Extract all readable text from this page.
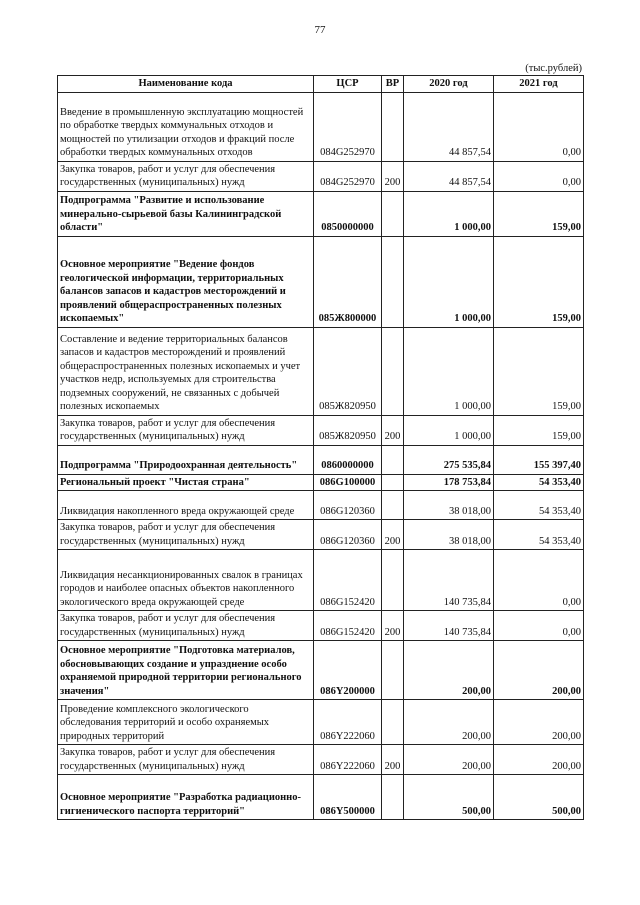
77
(тыс.рублей)
Наименование кода	ЦСР	ВР	2020 год	2021 год
Введение в промышленную эксплуатацию мощностей по обработке твердых коммунальных отходов и мощностей по утилизации отходов и фракций после обработки твердых коммунальных отходов	084G252970		44 857,54	0,00
Закупка товаров, работ и услуг для обеспечения государственных (муниципальных) нужд	084G252970	200	44 857,54	0,00
Подпрограмма "Развитие и использование минерально-сырьевой базы Калининградской области"	0850000000		1 000,00	159,00
Основное мероприятие "Ведение фондов геологической информации, территориальных балансов запасов и кадастров месторождений и проявлений общераспространенных полезных ископаемых"	085Ж800000		1 000,00	159,00
Составление и ведение территориальных балансов запасов и кадастров месторождений и проявлений общераспространенных полезных ископаемых и учет участков недр, используемых для строительства подземных сооружений, не связанных с добычей полезных ископаемых	085Ж820950		1 000,00	159,00
Закупка товаров, работ и услуг для обеспечения государственных (муниципальных) нужд	085Ж820950	200	1 000,00	159,00
Подпрограмма "Природоохранная деятельность"	0860000000		275 535,84	155 397,40
Региональный проект "Чистая страна"	086G100000		178 753,84	54 353,40
Ликвидация накопленного вреда окружающей среде	086G120360		38 018,00	54 353,40
Закупка товаров, работ и услуг для обеспечения государственных (муниципальных) нужд	086G120360	200	38 018,00	54 353,40
Ликвидация несанкционированных свалок в границах городов и наиболее опасных объектов накопленного экологического вреда окружающей среде	086G152420		140 735,84	0,00
Закупка товаров, работ и услуг для обеспечения государственных (муниципальных) нужд	086G152420	200	140 735,84	0,00
Основное мероприятие "Подготовка материалов, обосновывающих создание и упразднение особо охраняемой природной территории регионального значения"	086Y200000		200,00	200,00
Проведение комплексного экологического обследования территорий и особо охраняемых природных территорий	086Y222060		200,00	200,00
Закупка товаров, работ и услуг для обеспечения государственных (муниципальных) нужд	086Y222060	200	200,00	200,00
Основное мероприятие "Разработка радиационно-гигиенического паспорта территорий"	086Y500000		500,00	500,00
